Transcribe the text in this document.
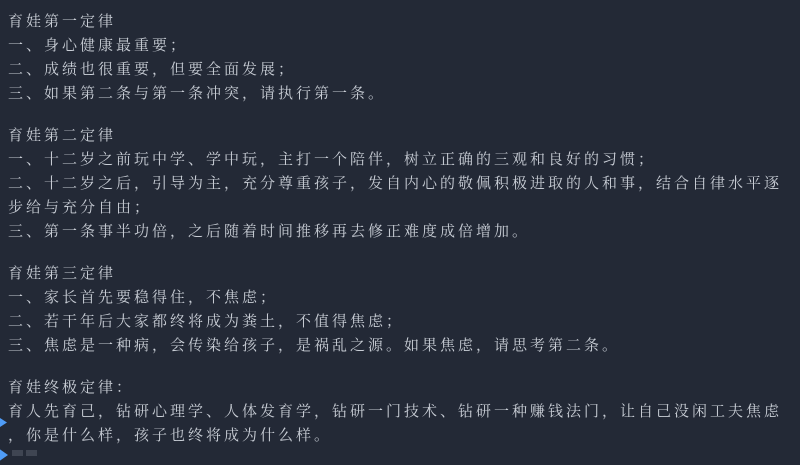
育娃第一定律
一、身心健康最重要；
二、成绩也很重要，但要全面发展；
三、如果第二条与第一条冲突，请执行第一条。
育娃第二定律
一、十二岁之前玩中学、学中玩，主打一个陪伴，树立正确的三观和良好的习惯；
二、十二岁之后，引导为主，充分尊重孩子，发自内心的敬佩积极进取的人和事，结合自律水平逐
步给与充分自由；
三、第一条事半功倍，之后随着时间推移再去修正难度成倍增加。
育娃第三定律
一、家长首先要稳得住，不焦虑；
二、若干年后大家都终将成为粪土，不值得焦虑；
三、焦虑是一种病，会传染给孩子，是祸乱之源。如果焦虑，请思考第二条。
育娃终极定律：
育人先育己，钻研心理学、人体发育学，钻研一门技术、钻研一种赚钱法门，让自己没闲工夫焦虑
，你是什么样，孩子也终将成为什么样。
